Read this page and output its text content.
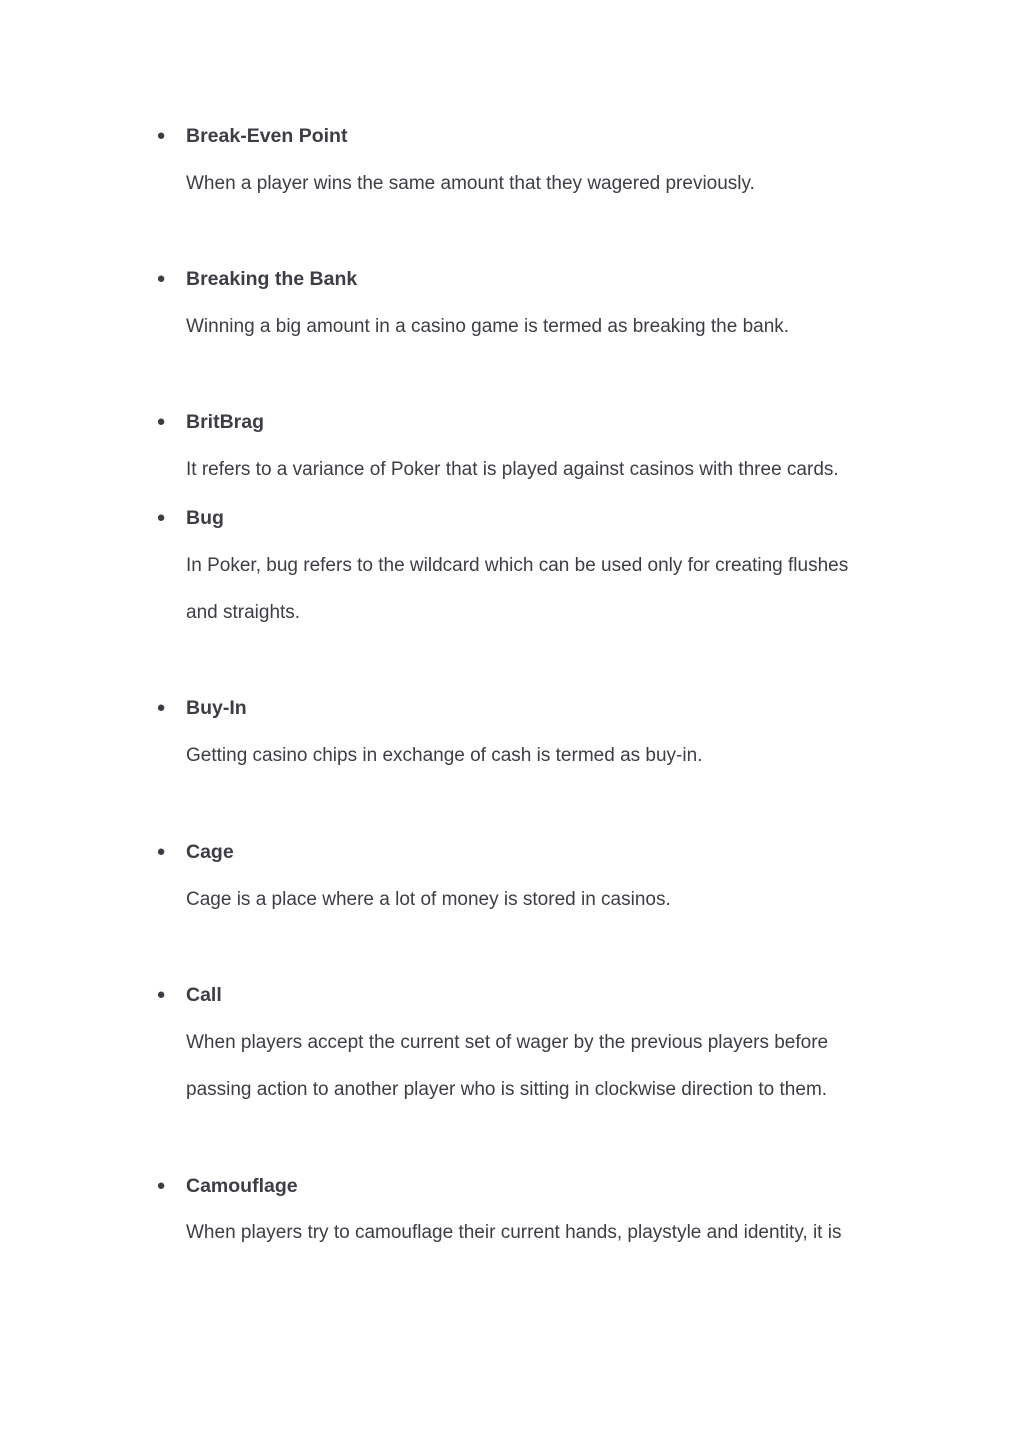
● Break-Even Point
When a player wins the same amount that they wagered previously.
● Breaking the Bank
Winning a big amount in a casino game is termed as breaking the bank.
● BritBrag
It refers to a variance of Poker that is played against casinos with three cards.
● Bug
In Poker, bug refers to the wildcard which can be used only for creating flushes
and straights.
● Buy-In
Getting casino chips in exchange of cash is termed as buy-in.
● Cage
Cage is a place where a lot of money is stored in casinos.
● Call
When players accept the current set of wager by the previous players before
passing action to another player who is sitting in clockwise direction to them.
● Camouflage
When players try to camouflage their current hands, playstyle and identity, it is
